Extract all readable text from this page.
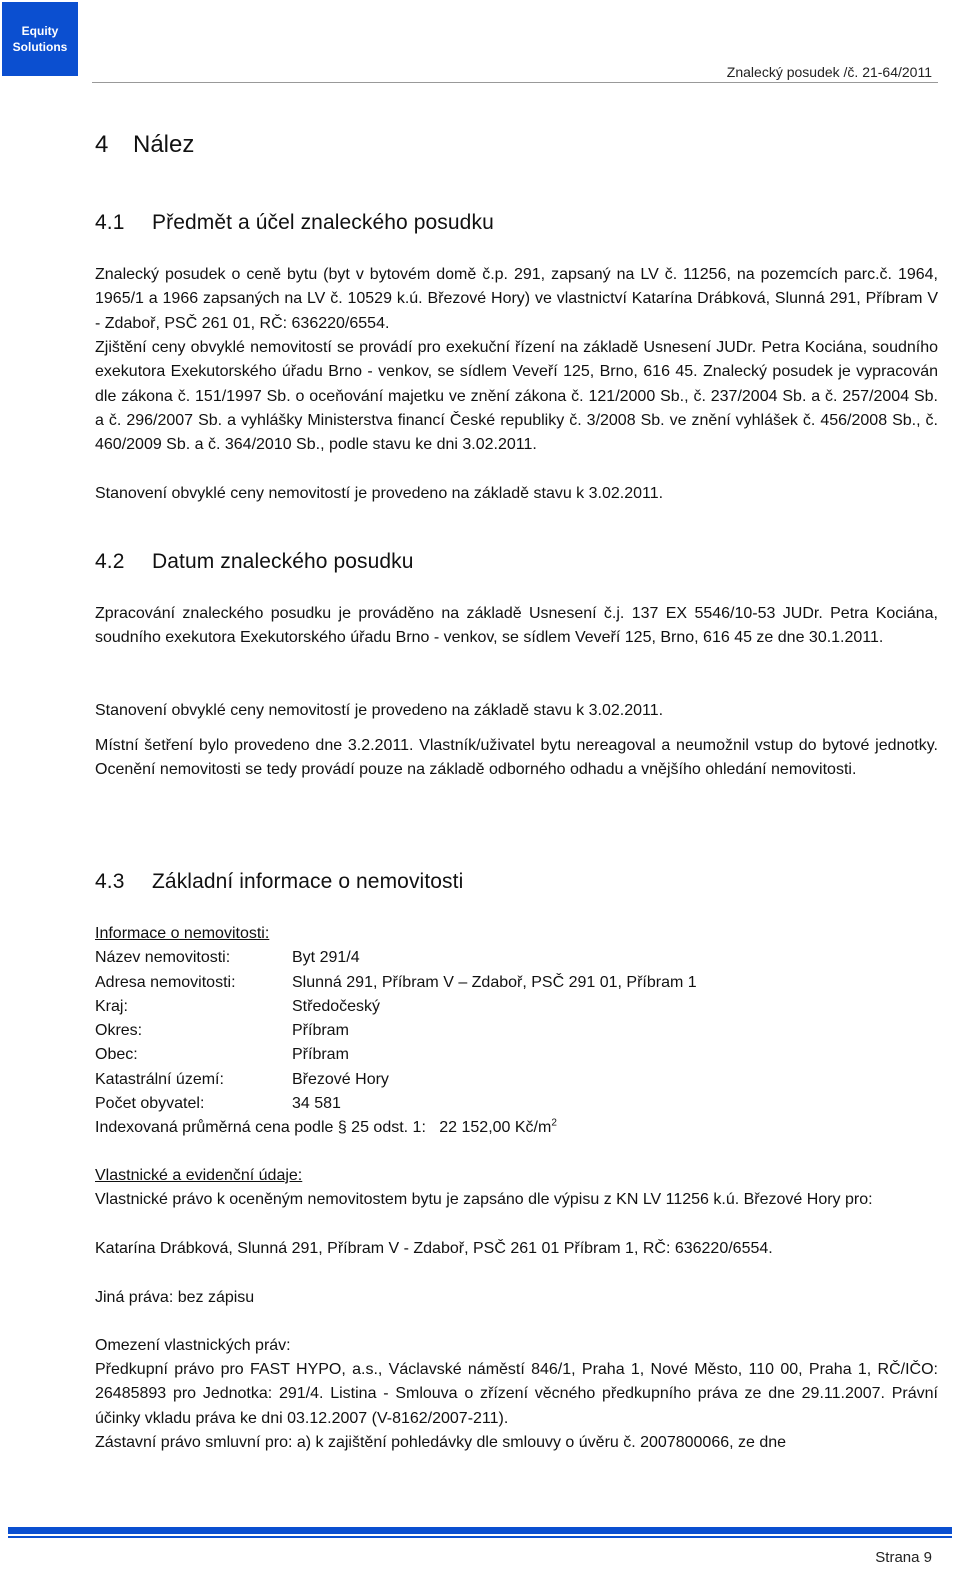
Equity
Solutions
Znalecký posudek /č. 21-64/2011
4 Nález
4.1 Předmět a účel znaleckého posudku

Znalecký posudek o ceně bytu (byt v bytovém domě č.p. 291, zapsaný na LV č. 11256, na pozemcích parc.č. 1964, 1965/1 a 1966 zapsaných na LV č. 10529 k.ú. Březové Hory) ve vlastnictví Katarína Drábková, Slunná 291, Příbram V - Zdaboř, PSČ 261 01, RČ: 636220/6554.

Zjištění ceny obvyklé nemovitostí se provádí pro exekuční řízení na základě Usnesení JUDr. Petra Kociána, soudního exekutora Exekutorského úřadu Brno - venkov, se sídlem Veveří 125, Brno, 616 45. Znalecký posudek je vypracován dle zákona č. 151/1997 Sb. o oceňování majetku ve znění zákona č. 121/2000 Sb., č. 237/2004 Sb. a č. 257/2004 Sb. a č. 296/2007 Sb. a vyhlášky Ministerstva financí České republiky č. 3/2008 Sb. ve znění vyhlášek č. 456/2008 Sb., č. 460/2009 Sb. a č. 364/2010 Sb., podle stavu ke dni 3.02.2011.

Stanovení obvyklé ceny nemovitostí je provedeno na základě stavu k 3.02.2011.

4.2 Datum znaleckého posudku

Zpracování znaleckého posudku je prováděno na základě Usnesení č.j. 137 EX 5546/10-53 JUDr. Petra Kociána, soudního exekutora Exekutorského úřadu Brno - venkov, se sídlem Veveří 125, Brno, 616 45 ze dne 30.1.2011.

Stanovení obvyklé ceny nemovitostí je provedeno na základě stavu k 3.02.2011.

Místní šetření bylo provedeno dne 3.2.2011. Vlastník/uživatel bytu nereagoval a neumožnil vstup do bytové jednotky. Ocenění nemovitosti se tedy provádí pouze na základě odborného odhadu a vnějšího ohledání nemovitosti.

4.3 Základní informace o nemovitosti
Informace o nemovitosti:
Název nemovitosti:	Byt 291/4
Adresa nemovitosti:	Slunná 291, Příbram V – Zdaboř, PSČ 291 01, Příbram 1
Kraj:	Středočeský
Okres:	Příbram
Obec:	Příbram
Katastrální území:	Březové Hory
Počet obyvatel:	34 581
Indexovaná průměrná cena podle § 25 odst. 1: 22 152,00 $Kč/m^2$
Vlastnické a evidenční údaje:

Vlastnické právo k oceněným nemovitostem bytu je zapsáno dle výpisu z KN LV 11256 k.ú. Březové Hory pro:

Katarína Drábková, Slunná 291, Příbram V - Zdaboř, PSČ 261 01 Příbram 1, RČ: 636220/6554.

Jiná práva: bez zápisu

Omezení vlastnických práv:

Předkupní právo pro FAST HYPO, a.s., Václavské náměstí 846/1, Praha 1, Nové Město, 110 00, Praha 1, RČ/IČO: 26485893 pro Jednotka: 291/4. Listina - Smlouva o zřízení věcného předkupního práva ze dne 29.11.2007. Právní účinky vkladu práva ke dni 03.12.2007 (V-8162/2007-211).

Zástavní právo smluvní pro: a) k zajištění pohledávky dle smlouvy o úvěru č. 2007800066, ze dne

Strana 9
